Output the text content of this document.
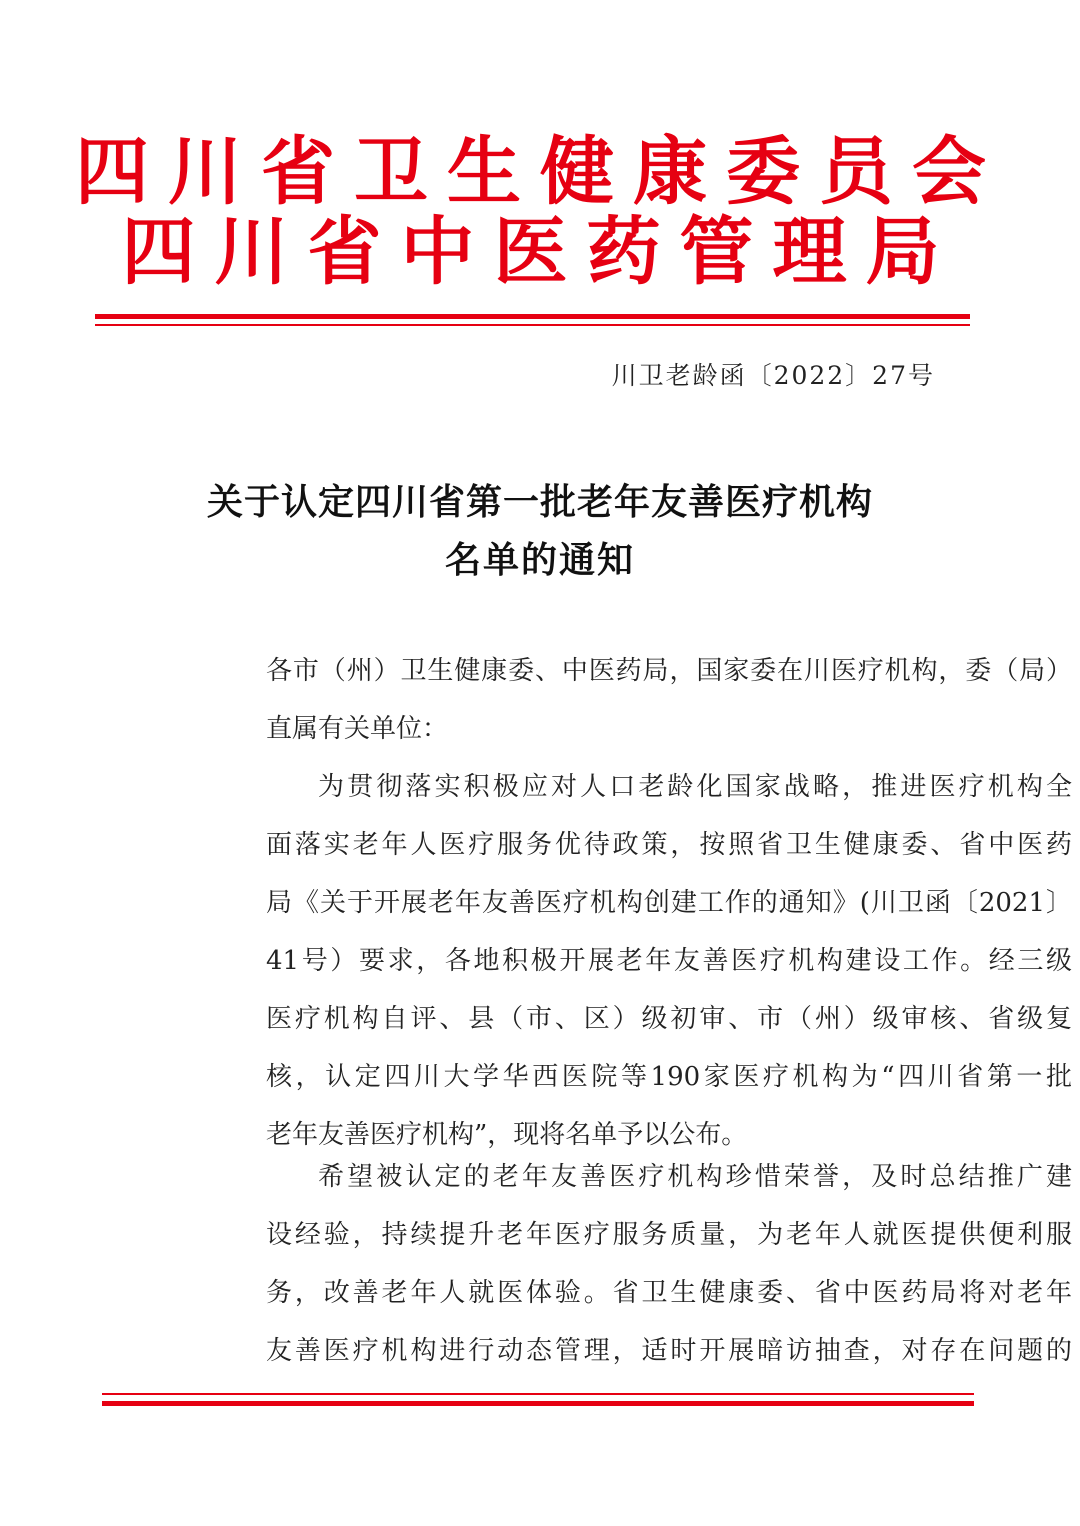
四川省卫生健康委员会
四川省中医药管理局
川卫老龄函〔2022〕27号
关于认定四川省第一批老年友善医疗机构
名单的通知

各市（州）卫生健康委、中医药局，国家委在川医疗机构，委（局）
直属有关单位：

为贯彻落实积极应对人口老龄化国家战略，推进医疗机构全
面落实老年人医疗服务优待政策，按照省卫生健康委、省中医药
局《关于开展老年友善医疗机构创建工作的通知》(川卫函〔2021〕
41号）要求，各地积极开展老年友善医疗机构建设工作。经三级
医疗机构自评、县（市、区）级初审、市（州）级审核、省级复
核，认定四川大学华西医院等190家医疗机构为“四川省第一批
老年友善医疗机构”，现将名单予以公布。

希望被认定的老年友善医疗机构珍惜荣誉，及时总结推广建
设经验，持续提升老年医疗服务质量，为老年人就医提供便利服
务，改善老年人就医体验。省卫生健康委、省中医药局将对老年
友善医疗机构进行动态管理，适时开展暗访抽查，对存在问题的
